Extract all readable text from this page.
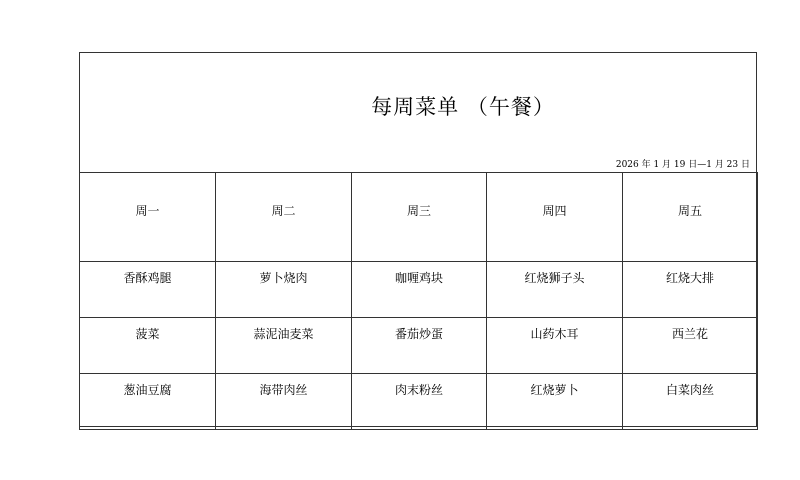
每周菜单 （午餐）
2026 年 1 月 19 日—1 月 23 日
周一	周二	周三	周四	周五

香酥鸡腿	萝卜烧肉	咖喱鸡块	红烧狮子头	红烧大排

菠菜	蒜泥油麦菜	番茄炒蛋	山药木耳	西兰花

葱油豆腐	海带肉丝	肉末粉丝	红烧萝卜	白菜肉丝
